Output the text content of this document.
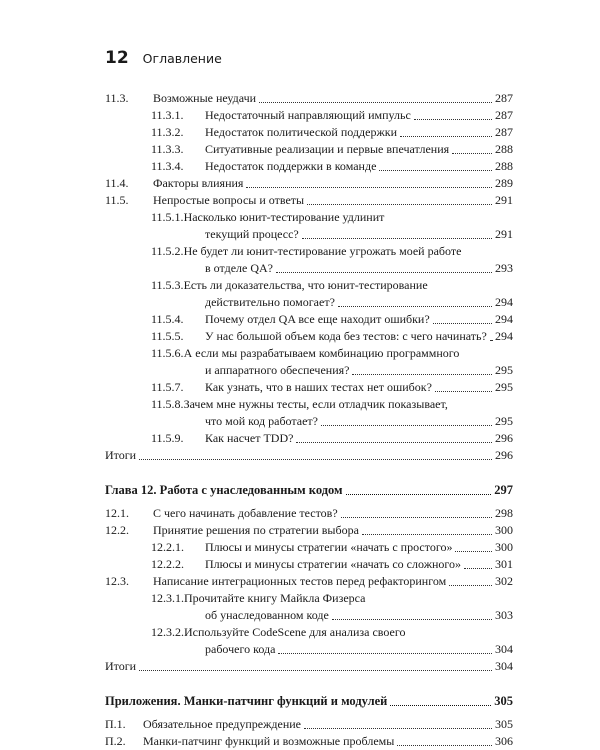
12 Оглавление
11.3.	Возможные неудачи	287
11.3.1.	Недостаточный направляющий импульс	287
11.3.2.	Недостаток политической поддержки	287
11.3.3.	Ситуативные реализации и первые впечатления	288
11.3.4.	Недостаток поддержки в команде	288
11.4.	Факторы влияния	289
11.5.	Непростые вопросы и ответы	291
11.5.1.Насколько юнит-тестирование удлинит
текущий процесс?	291
11.5.2.Не будет ли юнит-тестирование угрожать моей работе
в отделе QA?	293
11.5.3.Есть ли доказательства, что юнит-тестирование
действительно помогает?	294
11.5.4.	Почему отдел QA все еще находит ошибки?	294
11.5.5.	У нас большой объем кода без тестов: с чего начинать? 294
11.5.6.А если мы разрабатываем комбинацию программного
и аппаратного обеспечения?	295
11.5.7.	Как узнать, что в наших тестах нет ошибок?	295
11.5.8.Зачем мне нужны тесты, если отладчик показывает,
что мой код работает?	295
11.5.9.	Как насчет TDD?	296
Итоги	296
Глава 12. Работа с унаследованным кодом	297
12.1.	С чего начинать добавление тестов?	298
12.2.	Принятие решения по стратегии выбора	300
12.2.1.	Плюсы и минусы стратегии «начать с простого»	300
12.2.2.	Плюсы и минусы стратегии «начать со сложного»	301
12.3.	Написание интеграционных тестов перед рефакторингом	302
12.3.1.Прочитайте книгу Майкла Физерса
об унаследованном коде	303
12.3.2.Используйте CodeScene для анализа своего
рабочего кода	304
Итоги	304
Приложения. Манки-патчинг функций и модулей	305
П.1.	Обязательное предупреждение	305
П.2.	Манки-патчинг функций и возможные проблемы	306
